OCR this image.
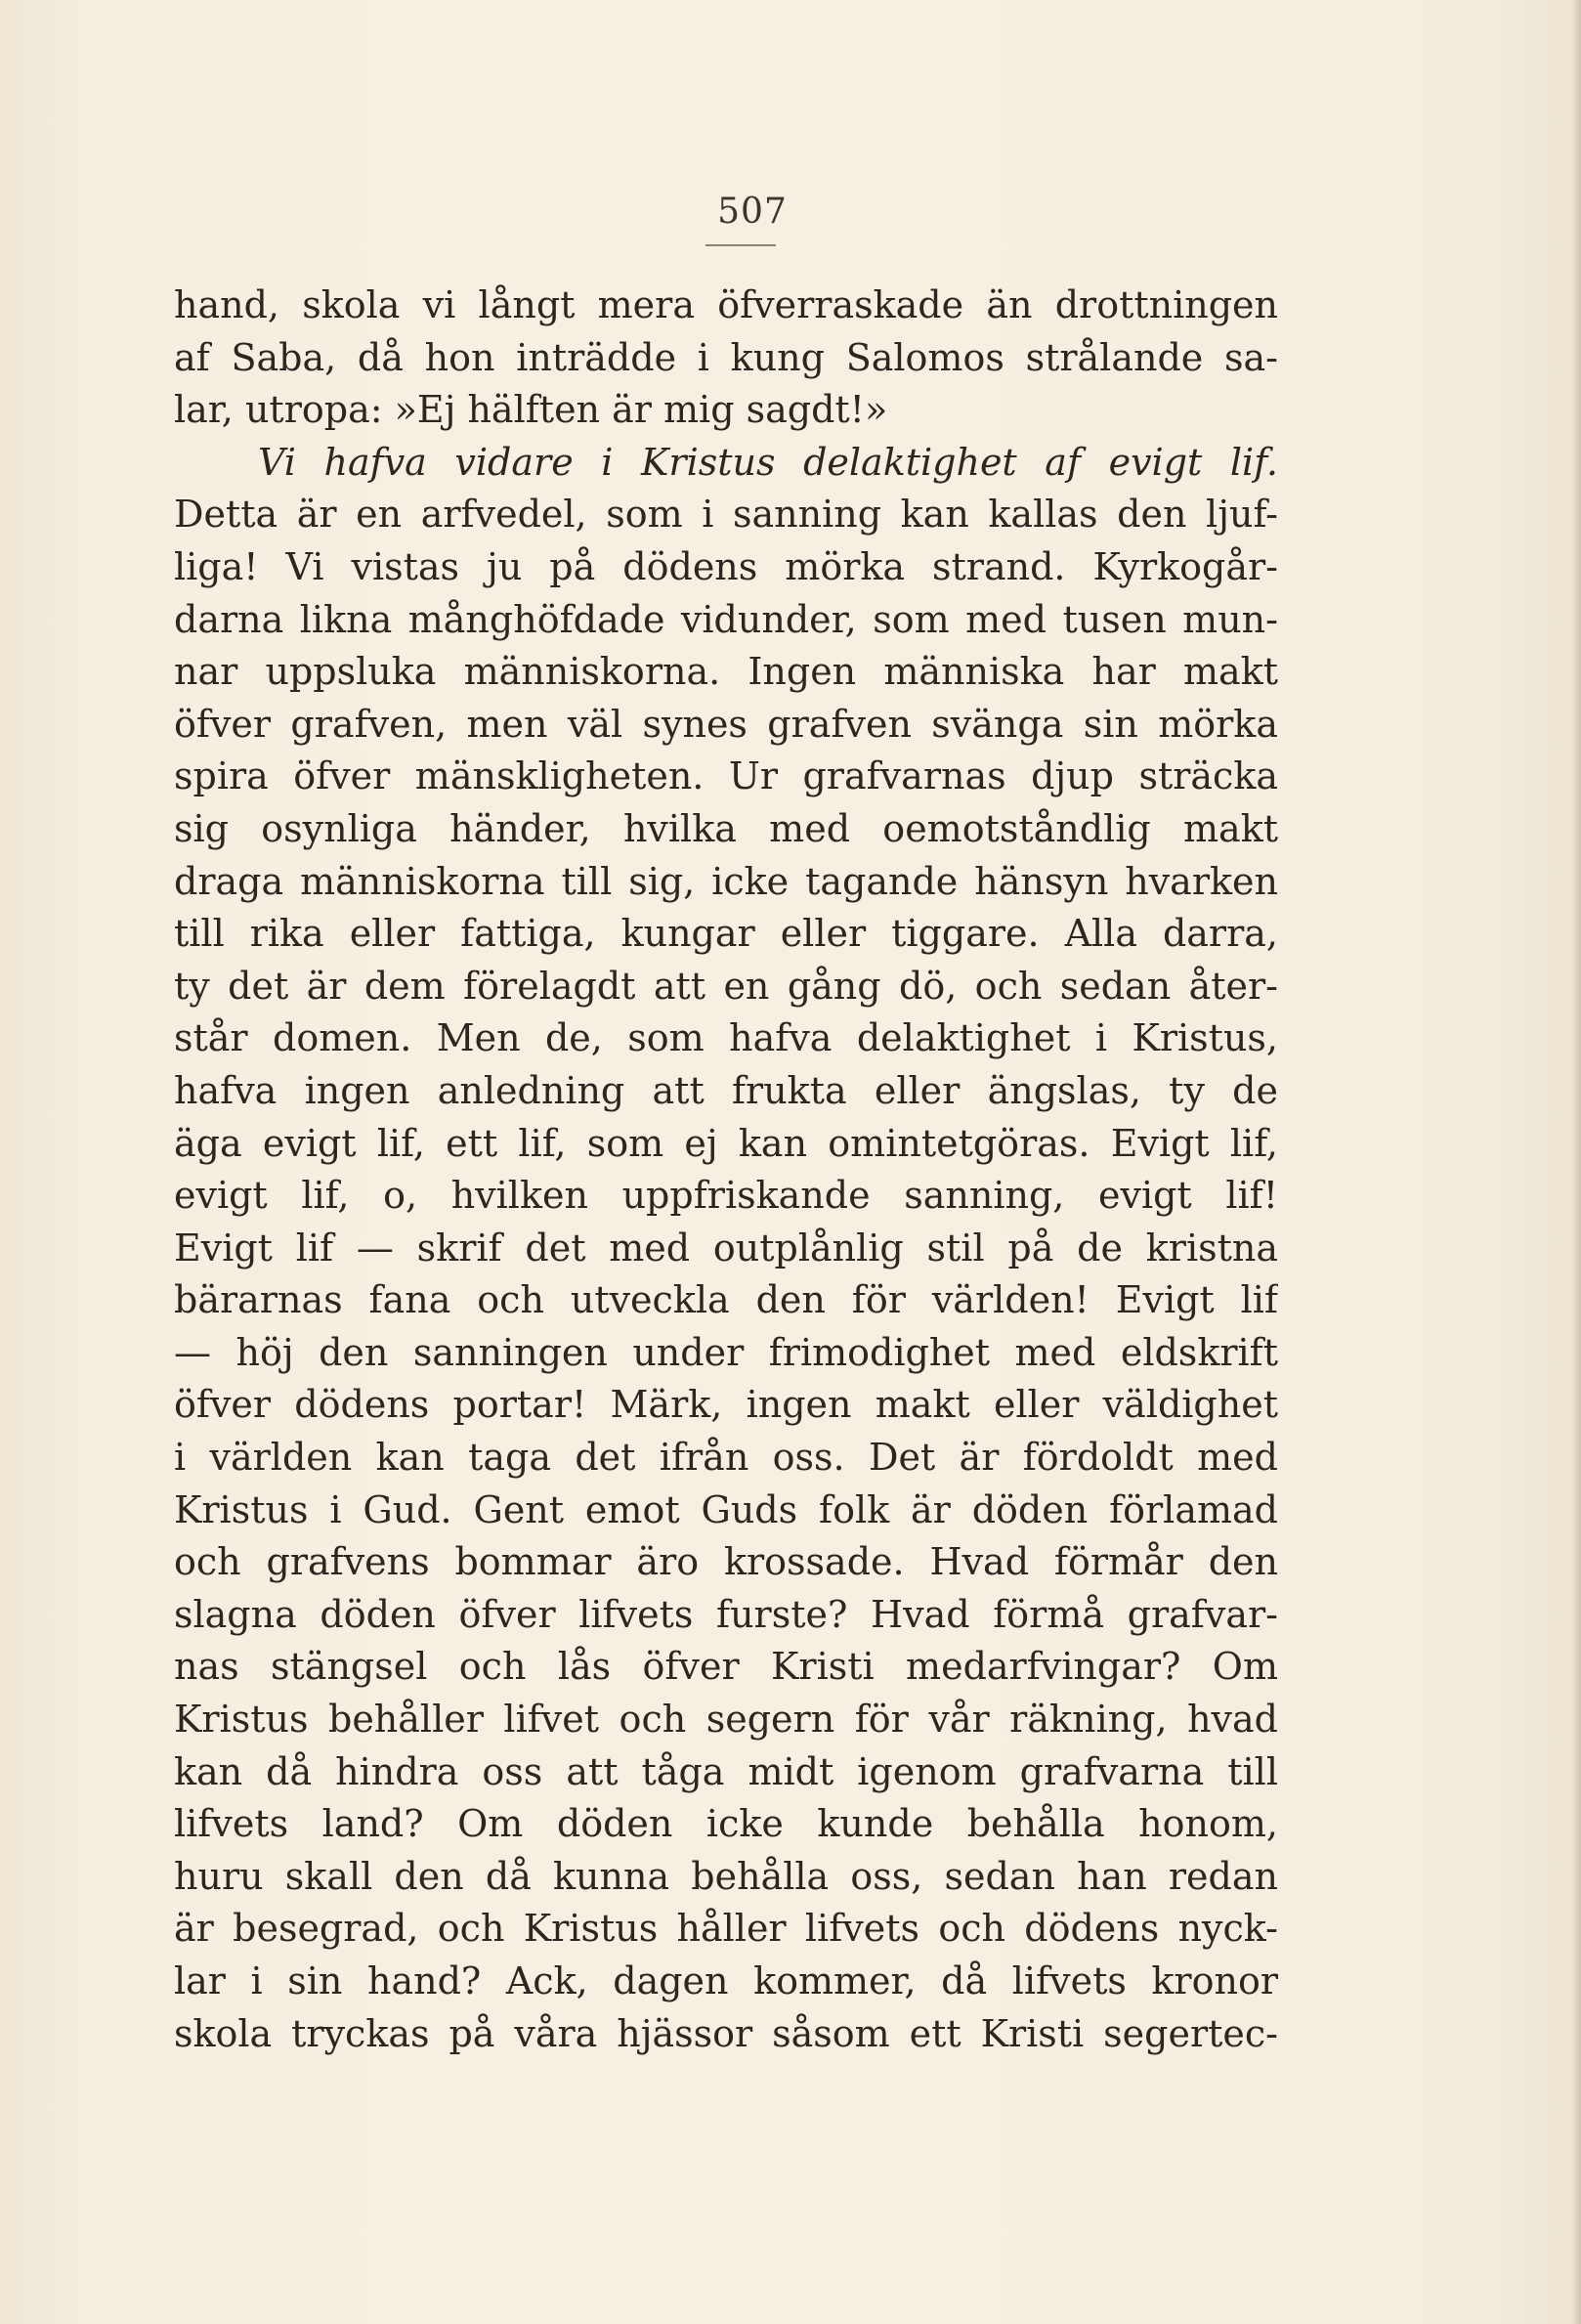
507
hand, skola vi långt mera öfverraskade än drottningen
af Saba, då hon inträdde i kung Salomos strålande sa-
lar, utropa: »Ej hälften är mig sagdt!»
Vi hafva vidare i Kristus delaktighet af evigt lif.
Detta är en arfvedel, som i sanning kan kallas den ljuf-
liga! Vi vistas ju på dödens mörka strand. Kyrkogår-
darna likna månghöfdade vidunder, som med tusen mun-
nar uppsluka människorna. Ingen människa har makt
öfver grafven, men väl synes grafven svänga sin mörka
spira öfver mänskligheten. Ur grafvarnas djup sträcka
sig osynliga händer, hvilka med oemotståndlig makt
draga människorna till sig, icke tagande hänsyn hvarken
till rika eller fattiga, kungar eller tiggare. Alla darra,
ty det är dem förelagdt att en gång dö, och sedan åter-
står domen. Men de, som hafva delaktighet i Kristus,
hafva ingen anledning att frukta eller ängslas, ty de
äga evigt lif, ett lif, som ej kan omintetgöras. Evigt lif,
evigt lif, o, hvilken uppfriskande sanning, evigt lif!
Evigt lif — skrif det med outplånlig stil på de kristna
bärarnas fana och utveckla den för världen! Evigt lif
— höj den sanningen under frimodighet med eldskrift
öfver dödens portar! Märk, ingen makt eller väldighet
i världen kan taga det ifrån oss. Det är fördoldt med
Kristus i Gud. Gent emot Guds folk är döden förlamad
och grafvens bommar äro krossade. Hvad förmår den
slagna döden öfver lifvets furste? Hvad förmå grafvar-
nas stängsel och lås öfver Kristi medarfvingar? Om
Kristus behåller lifvet och segern för vår räkning, hvad
kan då hindra oss att tåga midt igenom grafvarna till
lifvets land? Om döden icke kunde behålla honom,
huru skall den då kunna behålla oss, sedan han redan
är besegrad, och Kristus håller lifvets och dödens nyck-
lar i sin hand? Ack, dagen kommer, då lifvets kronor
skola tryckas på våra hjässor såsom ett Kristi segertec-
